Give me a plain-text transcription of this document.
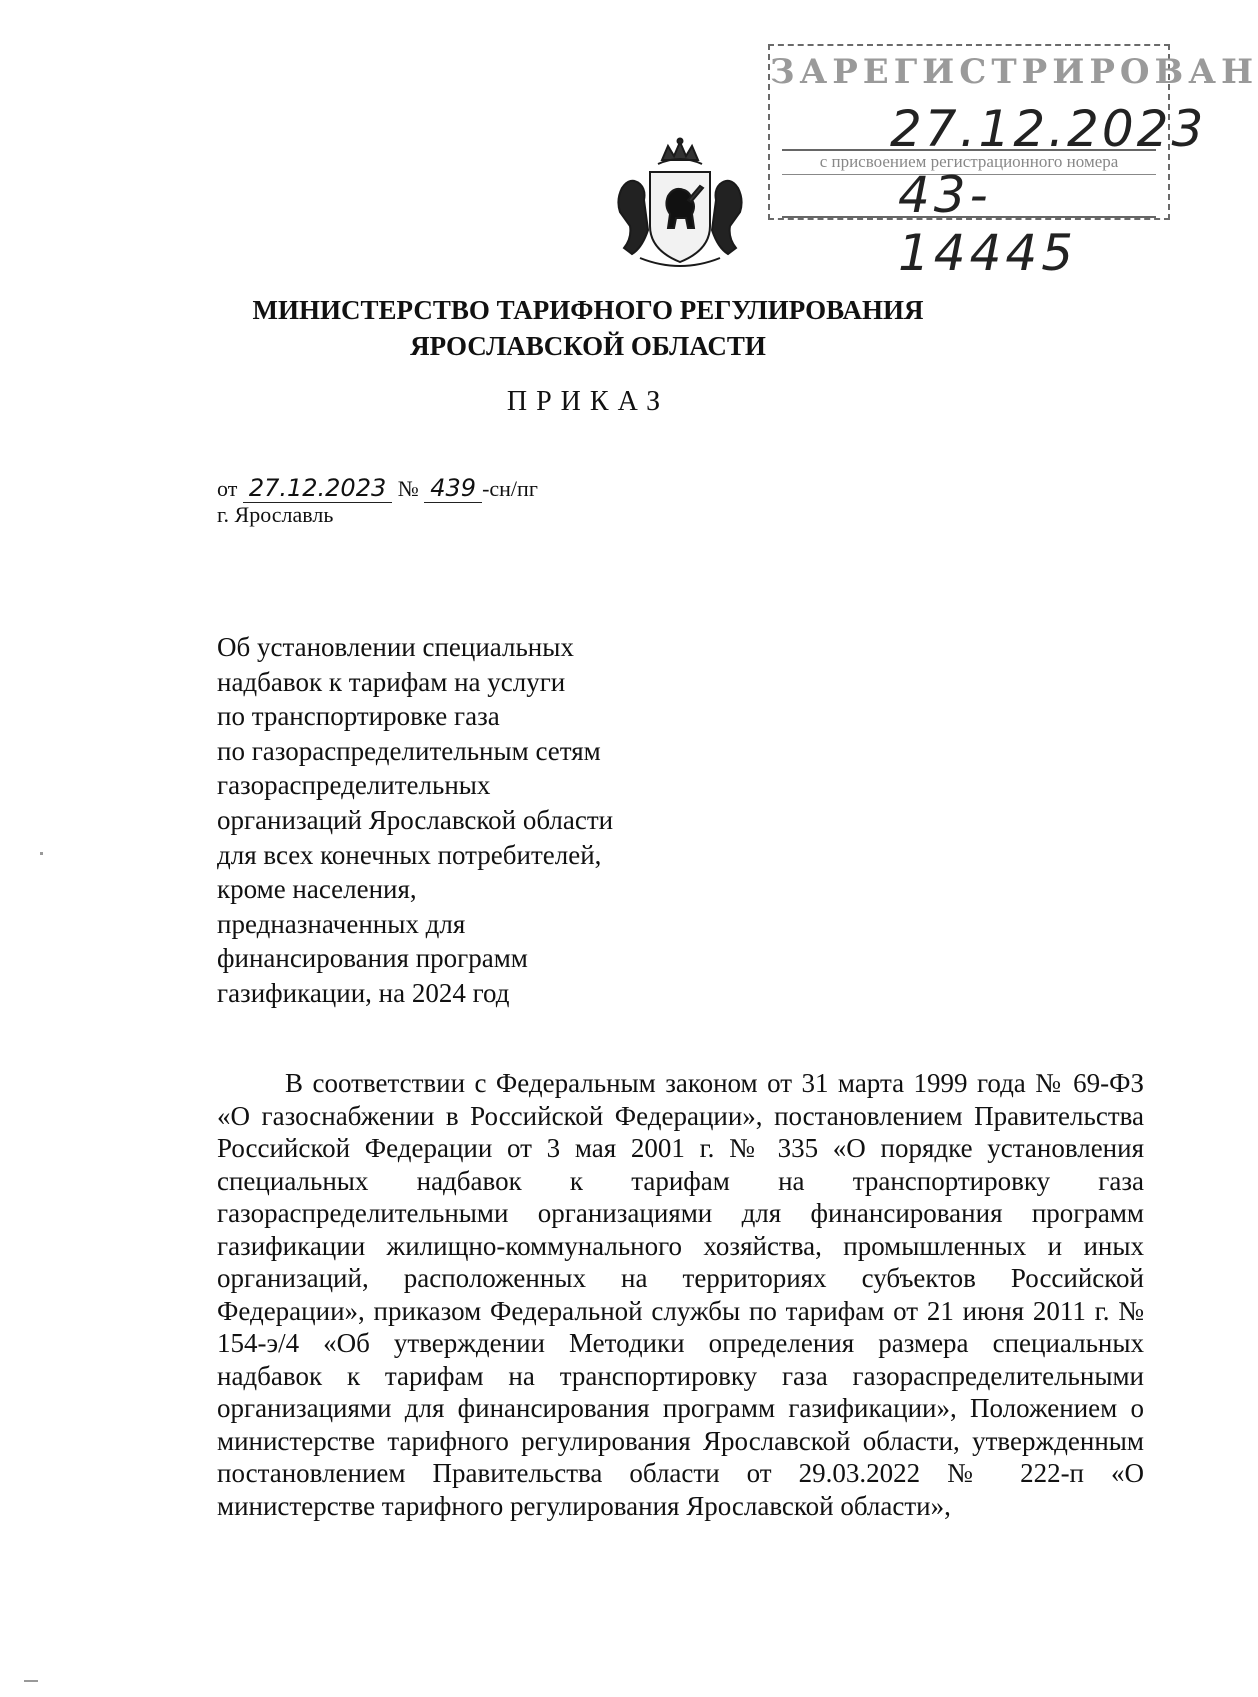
ЗАРЕГИСТРИРОВАН
27.12.2023
с присвоением регистрационного номера
43-14445
МИНИСТЕРСТВО ТАРИФНОГО РЕГУЛИРОВАНИЯ
ЯРОСЛАВСКОЙ ОБЛАСТИ
ПРИКАЗ
от 27.12.2023 № 439 -сн/пг
г. Ярославль
Об установлении специальных
надбавок к тарифам на услуги
по транспортировке газа
по газораспределительным сетям
газораспределительных
организаций Ярославской области
для всех конечных потребителей,
кроме населения,
предназначенных для
финансирования программ
газификации, на 2024 год
В соответствии с Федеральным законом от 31 марта 1999 года № 69-ФЗ «О газоснабжении в Российской Федерации», постановлением Правительства Российской Федерации от 3 мая 2001 г. № 335 «О порядке установления специальных надбавок к тарифам на транспортировку газа газораспределительными организациями для финансирования программ газификации жилищно-коммунального хозяйства, промышленных и иных организаций, расположенных на территориях субъектов Российской Федерации», приказом Федеральной службы по тарифам от 21 июня 2011 г. № 154-э/4 «Об утверждении Методики определения размера специальных надбавок к тарифам на транспортировку газа газораспределительными организациями для финансирования программ газификации», Положением о министерстве тарифного регулирования Ярославской области, утвержденным постановлением Правительства области от 29.03.2022 № 222-п «О министерстве тарифного регулирования Ярославской области»,
